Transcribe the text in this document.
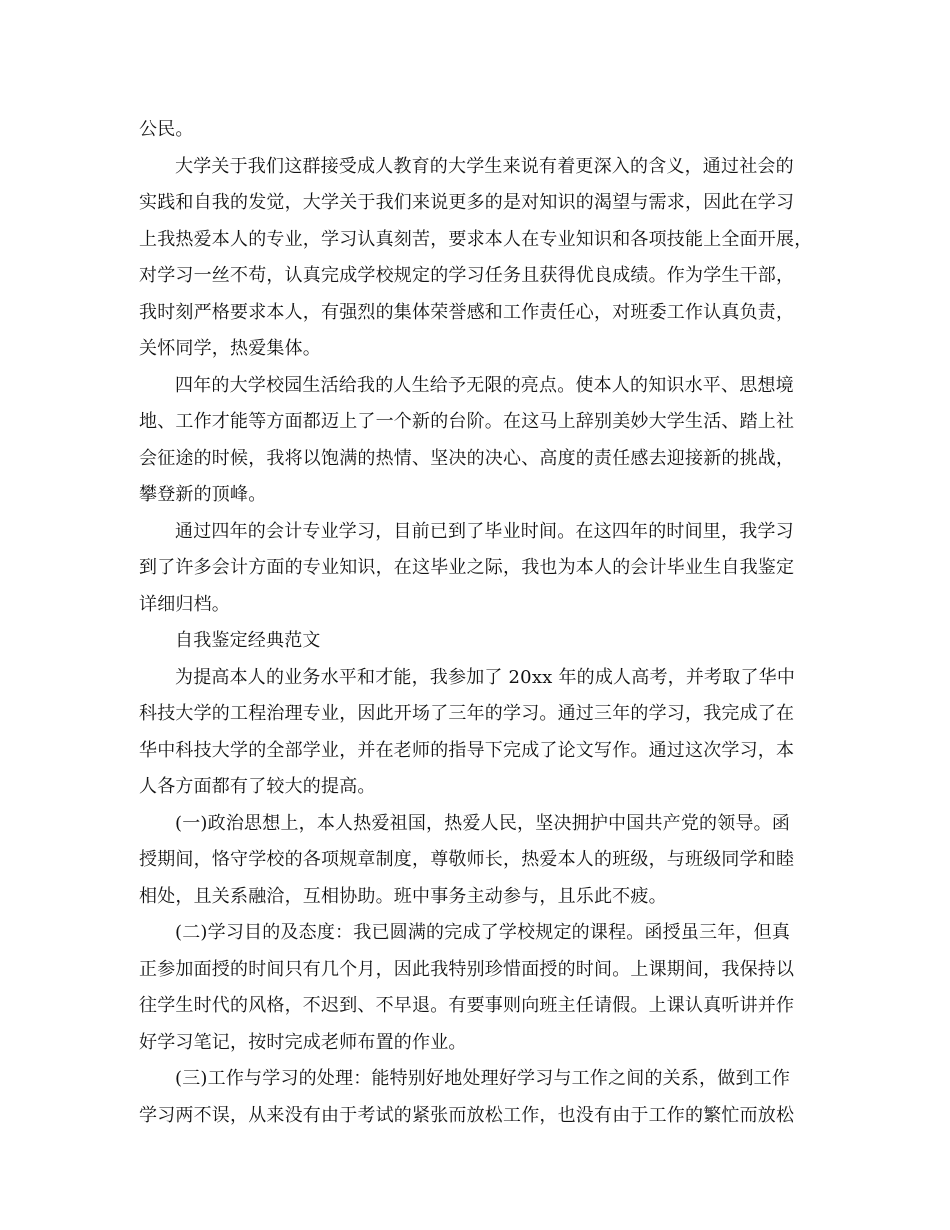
公民。
大学关于我们这群接受成人教育的大学生来说有着更深入的含义，通过社会的
实践和自我的发觉，大学关于我们来说更多的是对知识的渴望与需求，因此在学习
上我热爱本人的专业，学习认真刻苦，要求本人在专业知识和各项技能上全面开展，
对学习一丝不苟，认真完成学校规定的学习任务且获得优良成绩。作为学生干部，
我时刻严格要求本人，有强烈的集体荣誉感和工作责任心，对班委工作认真负责，
关怀同学，热爱集体。
四年的大学校园生活给我的人生给予无限的亮点。使本人的知识水平、思想境
地、工作才能等方面都迈上了一个新的台阶。在这马上辞别美妙大学生活、踏上社
会征途的时候，我将以饱满的热情、坚决的决心、高度的责任感去迎接新的挑战，
攀登新的顶峰。
通过四年的会计专业学习，目前已到了毕业时间。在这四年的时间里，我学习
到了许多会计方面的专业知识，在这毕业之际，我也为本人的会计毕业生自我鉴定
详细归档。
自我鉴定经典范文
为提高本人的业务水平和才能，我参加了 20xx 年的成人高考，并考取了华中
科技大学的工程治理专业，因此开场了三年的学习。通过三年的学习，我完成了在
华中科技大学的全部学业，并在老师的指导下完成了论文写作。通过这次学习，本
人各方面都有了较大的提高。
(一)政治思想上，本人热爱祖国，热爱人民，坚决拥护中国共产党的领导。函
授期间，恪守学校的各项规章制度，尊敬师长，热爱本人的班级，与班级同学和睦
相处，且关系融洽，互相协助。班中事务主动参与，且乐此不疲。
(二)学习目的及态度：我已圆满的完成了学校规定的课程。函授虽三年，但真
正参加面授的时间只有几个月，因此我特别珍惜面授的时间。上课期间，我保持以
往学生时代的风格，不迟到、不早退。有要事则向班主任请假。上课认真听讲并作
好学习笔记，按时完成老师布置的作业。
(三)工作与学习的处理：能特别好地处理好学习与工作之间的关系，做到工作
学习两不误，从来没有由于考试的紧张而放松工作，也没有由于工作的繁忙而放松
